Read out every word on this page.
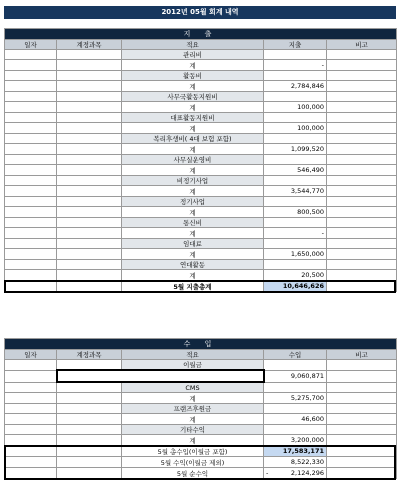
2012년 05월 회계 내역
지 출				
일자	계정과목	적요	지출	비고
		관리비		
		계	-	
		활동비		
		계	2,784,846	
		사무국활동지원비		
		계	100,000	
		대표활동지원비		
		계	100,000	
		복리후생비( 4대 보험 포함)		
		계	1,099,520	
		사무실운영비		
		계	546,490	
		비정기사업		
		계	3,544,770	
		정기사업		
		계	800,500	
		통신비		
		계	-	
		임대료		
		계	1,650,000	
		연대활동		
		계	20,500	
		5월 지출총계	10,646,626	
수 입				
일자	계정과목	적요	수입	비고
		이월금		
			9,060,871	
		CMS		
		계	5,275,700	
		프랜즈후원금		
		계	46,600	
		기타수익		
		계	3,200,000	
		5월 총수입(이월금 포함)	17,583,171	
		5월 수익(이월금 제외)	8,522,330	
		5월 순수익	- 2,124,296	
